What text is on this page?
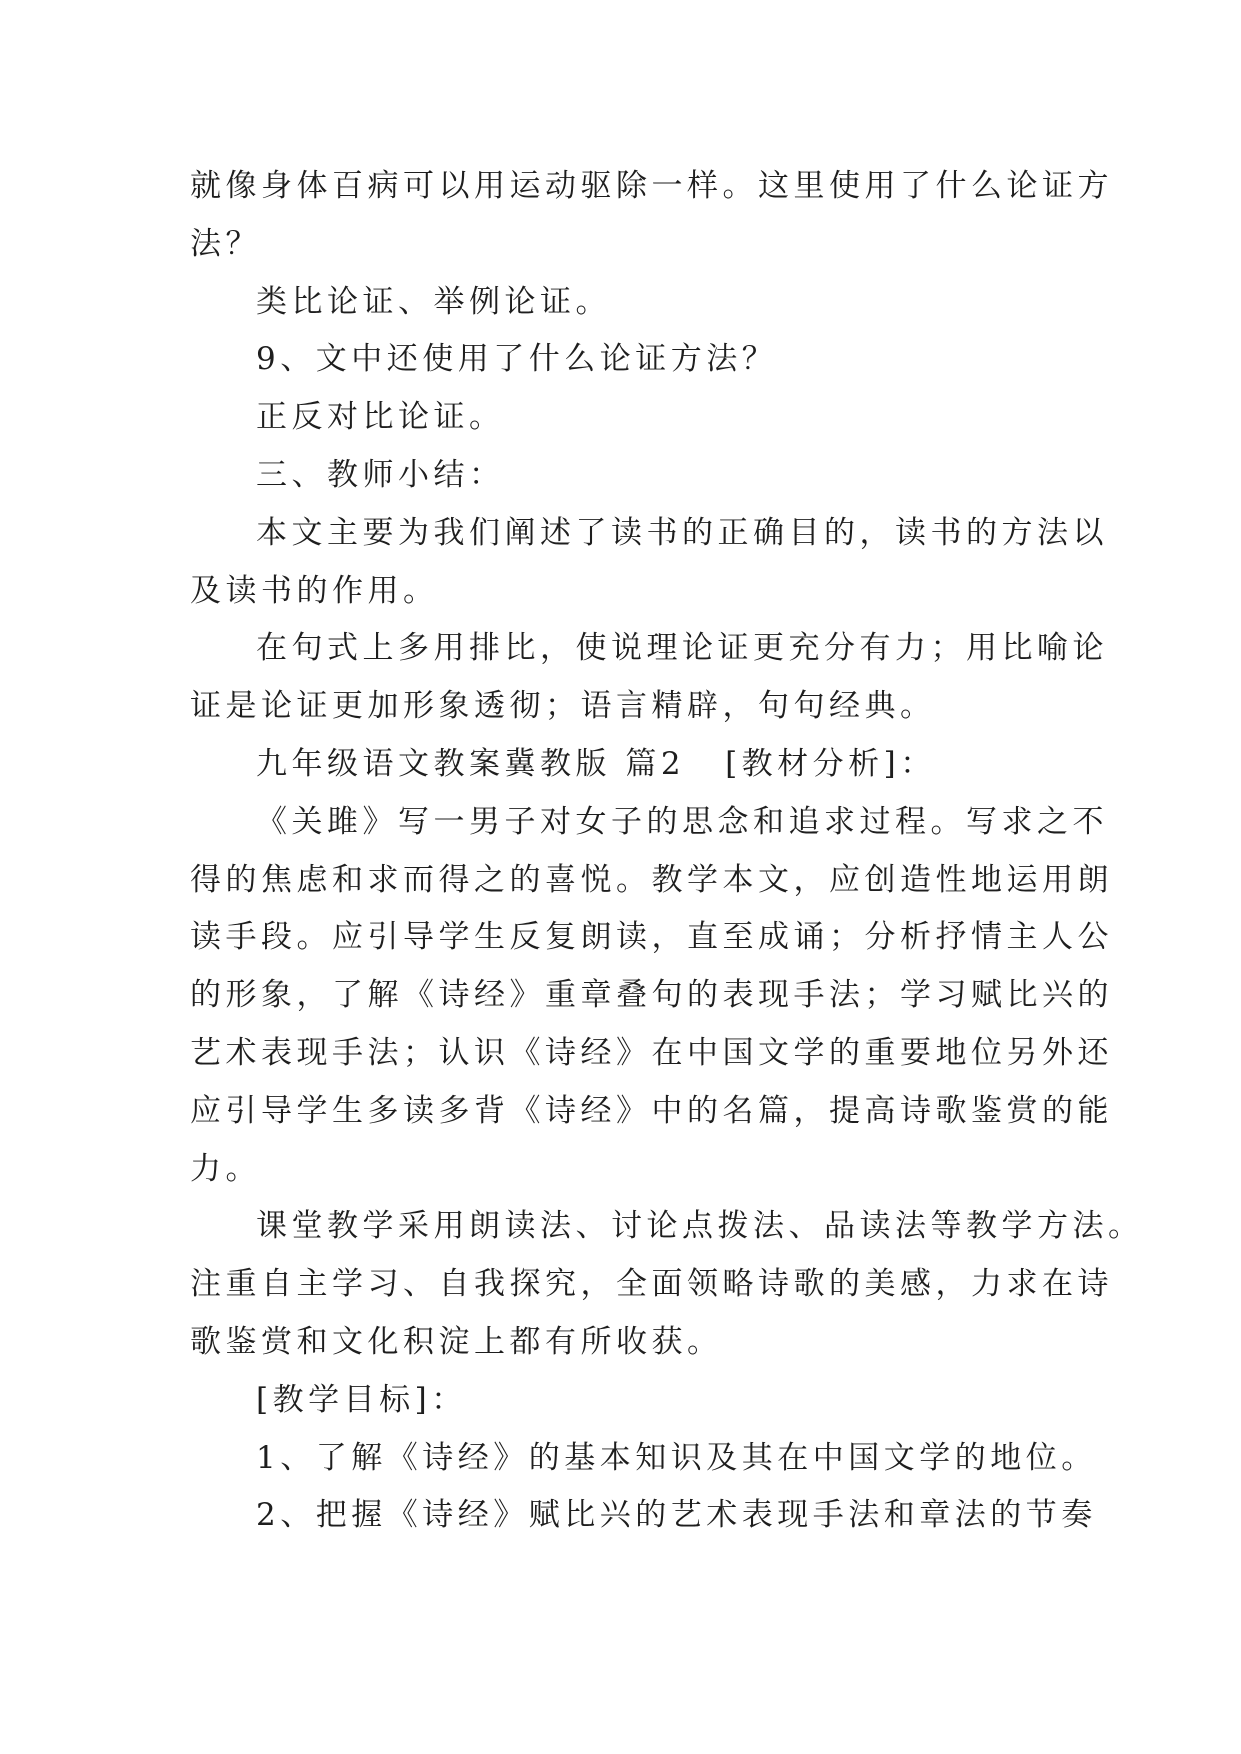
就像身体百病可以用运动驱除一样。这里使用了什么论证方
法？
类比论证、举例论证。
9、文中还使用了什么论证方法？
正反对比论证。
三、教师小结：
本文主要为我们阐述了读书的正确目的，读书的方法以
及读书的作用。
在句式上多用排比，使说理论证更充分有力；用比喻论
证是论证更加形象透彻；语言精辟，句句经典。
九年级语文教案冀教版 篇2 [教材分析]：
《关雎》写一男子对女子的思念和追求过程。写求之不
得的焦虑和求而得之的喜悦。教学本文，应创造性地运用朗
读手段。应引导学生反复朗读，直至成诵；分析抒情主人公
的形象，了解《诗经》重章叠句的表现手法；学习赋比兴的
艺术表现手法；认识《诗经》在中国文学的重要地位另外还
应引导学生多读多背《诗经》中的名篇，提高诗歌鉴赏的能
力。
课堂教学采用朗读法、讨论点拨法、品读法等教学方法。
注重自主学习、自我探究，全面领略诗歌的美感，力求在诗
歌鉴赏和文化积淀上都有所收获。
[教学目标]：
1、了解《诗经》的基本知识及其在中国文学的地位。
2、把握《诗经》赋比兴的艺术表现手法和章法的节奏
